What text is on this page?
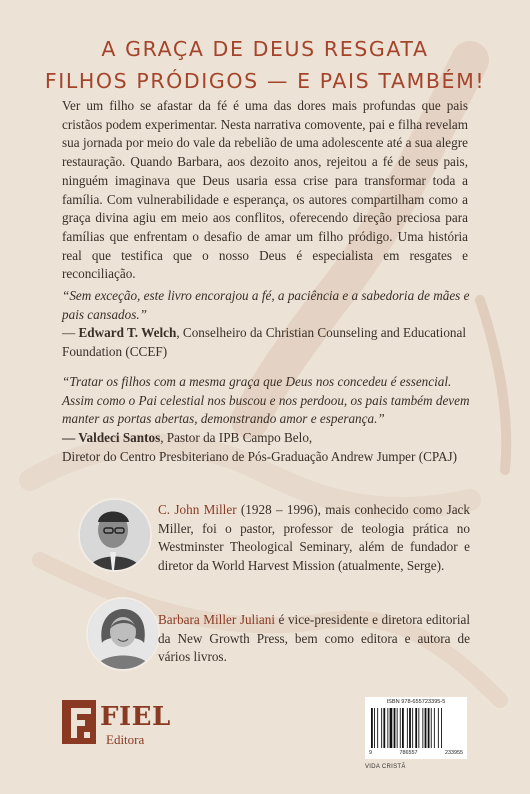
A GRAÇA DE DEUS RESGATA
FILHOS PRÓDIGOS — E PAIS TAMBÉM!

Ver um filho se afastar da fé é uma das dores mais profundas que pais cristãos podem experimentar. Nesta narrativa comovente, pai e filha revelam sua jornada por meio do vale da rebelião de uma adolescente até a sua alegre restauração. Quando Barbara, aos dezoito anos, rejeitou a fé de seus pais, ninguém imaginava que Deus usaria essa crise para transformar toda a família. Com vulnerabilidade e esperança, os autores compartilham como a graça divina agiu em meio aos conflitos, oferecendo direção preciosa para famílias que enfrentam o desafio de amar um filho pródigo. Uma história real que testifica que o nosso Deus é especialista em resgates e reconciliação.

“Sem exceção, este livro encorajou a fé, a paciência e a sabedoria de mães e pais cansados.”
— Edward T. Welch, Conselheiro da Christian Counseling and Educational Foundation (CCEF)
“Tratar os filhos com a mesma graça que Deus nos concedeu é essencial. Assim como o Pai celestial nos buscou e nos perdoou, os pais também devem manter as portas abertas, demonstrando amor e esperança.”
— Valdeci Santos, Pastor da IPB Campo Belo,
Diretor do Centro Presbiteriano de Pós-Graduação Andrew Jumper (CPAJ)

C. John Miller (1928 – 1996), mais conhecido como Jack Miller, foi o pastor, professor de teologia prática no Westminster Theological Seminary, além de fundador e diretor da World Harvest Mission (atualmente, Serge).

Barbara Miller Juliani é vice-presidente e diretora editorial da New Growth Press, bem como editora e autora de vários livros.

FIEL
Editora
ISBN 978-655723395-5
9	786557	233955
VIDA CRISTÃ
